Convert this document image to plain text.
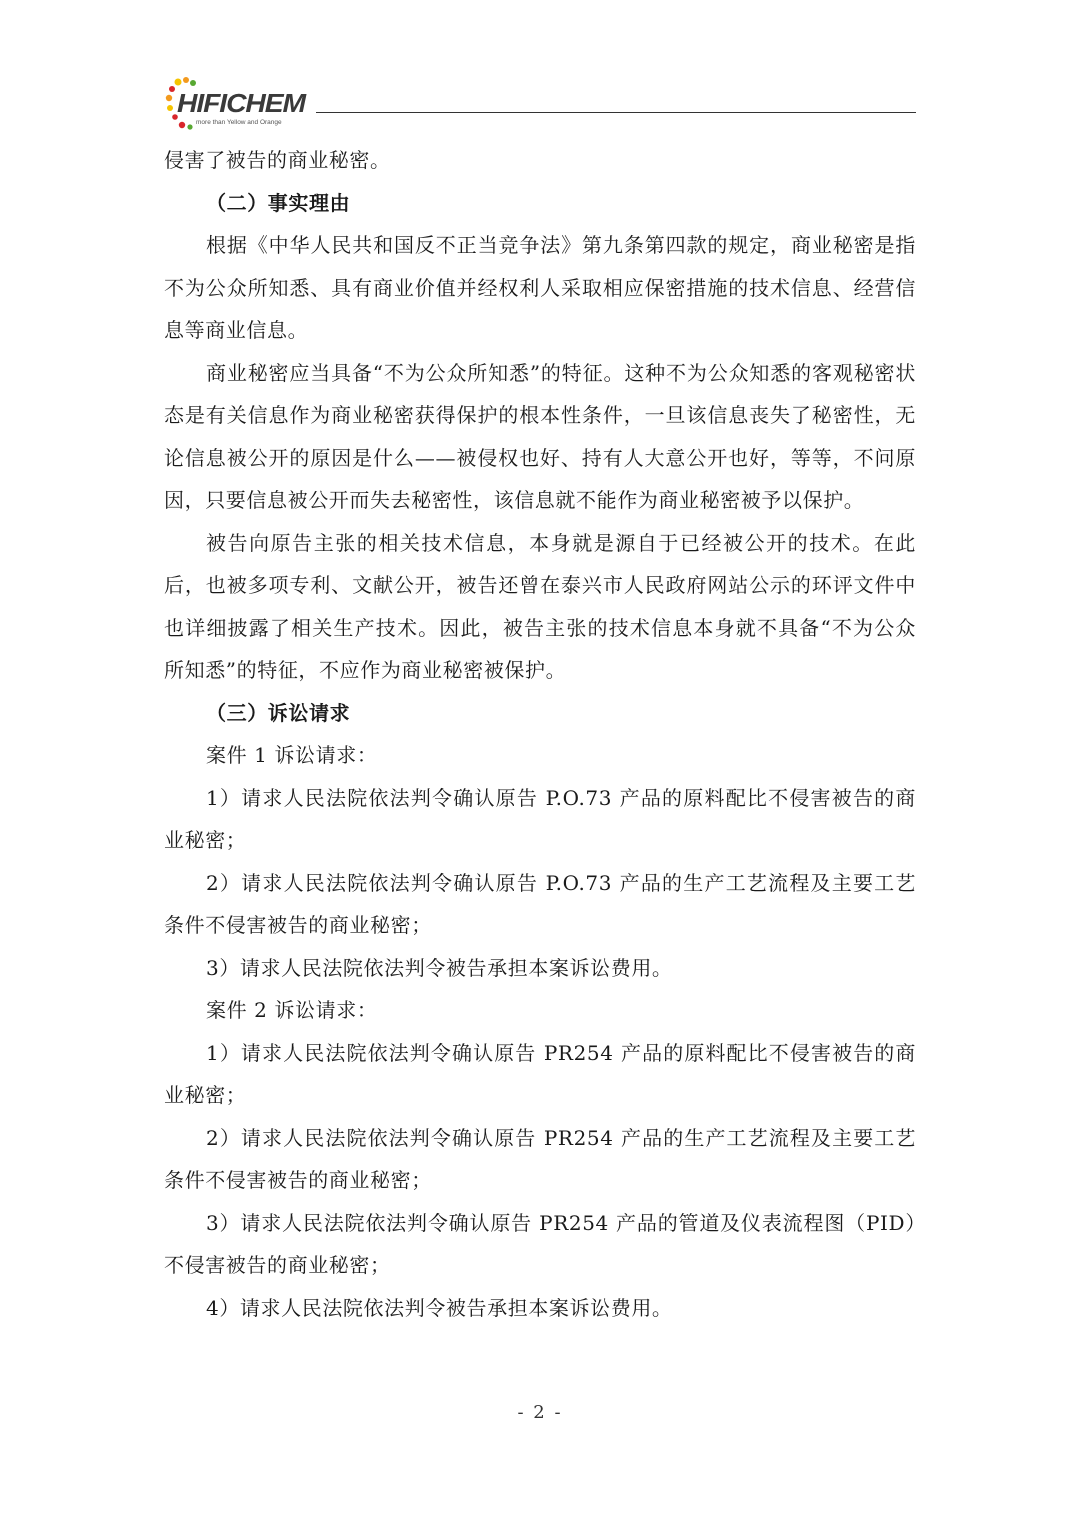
HIFICHEM
more than Yellow and Orange

侵害了被告的商业秘密。

（二）事实理由

根据《中华人民共和国反不正当竞争法》第九条第四款的规定，商业秘密是指不为公众所知悉、具有商业价值并经权利人采取相应保密措施的技术信息、经营信息等商业信息。

商业秘密应当具备“不为公众所知悉”的特征。这种不为公众知悉的客观秘密状态是有关信息作为商业秘密获得保护的根本性条件，一旦该信息丧失了秘密性，无论信息被公开的原因是什么——被侵权也好、持有人大意公开也好，等等，不问原因，只要信息被公开而失去秘密性，该信息就不能作为商业秘密被予以保护。

被告向原告主张的相关技术信息，本身就是源自于已经被公开的技术。在此后，也被多项专利、文献公开，被告还曾在泰兴市人民政府网站公示的环评文件中也详细披露了相关生产技术。因此，被告主张的技术信息本身就不具备“不为公众所知悉”的特征，不应作为商业秘密被保护。

（三）诉讼请求

案件 1 诉讼请求：

1）请求人民法院依法判令确认原告 P.O.73 产品的原料配比不侵害被告的商业秘密；

2）请求人民法院依法判令确认原告 P.O.73 产品的生产工艺流程及主要工艺条件不侵害被告的商业秘密；

3）请求人民法院依法判令被告承担本案诉讼费用。

案件 2 诉讼请求：

1）请求人民法院依法判令确认原告 PR254 产品的原料配比不侵害被告的商业秘密；

2）请求人民法院依法判令确认原告 PR254 产品的生产工艺流程及主要工艺条件不侵害被告的商业秘密；

3）请求人民法院依法判令确认原告 PR254 产品的管道及仪表流程图（PID）不侵害被告的商业秘密；

4）请求人民法院依法判令被告承担本案诉讼费用。

- 2 -
